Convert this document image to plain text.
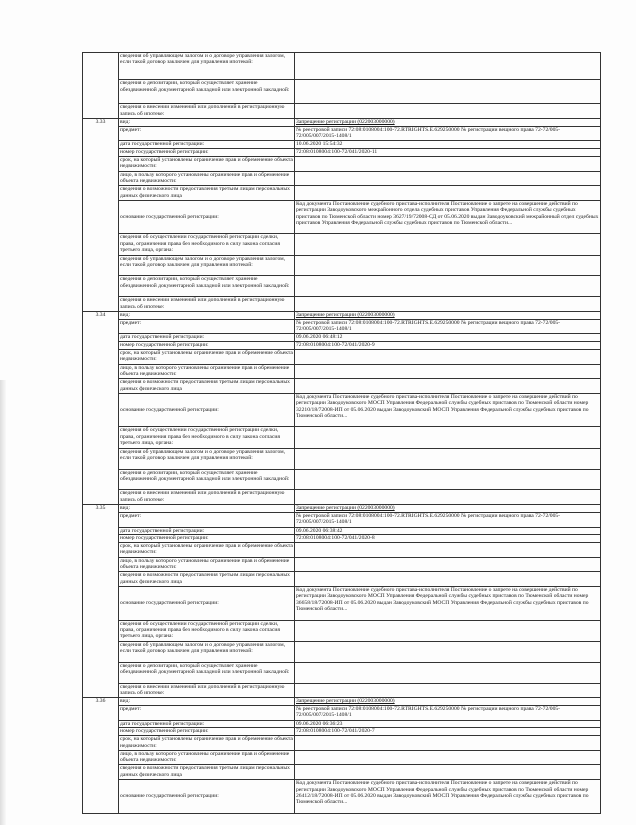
	сведения об управляющем залогом и о договоре управления залогом, если такой договор заключен для управления ипотекой:	
	сведения о депозитарии, который осуществляет хранение обездвиженной документарной закладной или электронной закладной:	
	сведения о внесении изменений или дополнений в регистрационную запись об ипотеке:	
3.33	вид:	Запрещение регистрации (022003000000)
	предмет:	№ реестровой записи 72:08:0108004:100-72.RTRIGHTS.E.629250000 № регистрации вещного права 72-72/005-72/005/007/2015-1408/1
	дата государственной регистрации:	10.06.2020 15:54:32
	номер государственной регистрации:	72:08:0108004:100-72/041/2020-11
	срок, на который установлены ограничение прав и обременение объекта недвижимости:	
	лицо, в пользу которого установлены ограничение прав и обременение объекта недвижимости:	
	сведения о возможности предоставления третьим лицам персональных данных физического лица	
	основание государственной регистрации:	Код документа Постановление судебного пристава-исполнителя Постановление о запрете на совершение действий по регистрации Заводоуковского межрайонного отдела судебных приставов Управления Федеральной службы судебных приставов по Тюменской области номер 3627/19/72008-СД от 05.06.2020 выдан Заводоуковский межрайонный отдел судебных приставов Управления Федеральной службы судебных приставов по Тюменской области...
	сведения об осуществлении государственной регистрации сделки, права, ограничения права без необходимого в силу закона согласия третьего лица, органа:	
	сведения об управляющем залогом и о договоре управления залогом, если такой договор заключен для управления ипотекой:	
	сведения о депозитарии, который осуществляет хранение обездвиженной документарной закладной или электронной закладной:	
	сведения о внесении изменений или дополнений в регистрационную запись об ипотеке:	
3.34	вид:	Запрещение регистрации (022003000000)
	предмет:	№ реестровой записи 72:08:0108004:100-72.RTRIGHTS.E.629250000 № регистрации вещного права 72-72/005-72/005/007/2015-1408/1
	дата государственной регистрации:	09.06.2020 06:48:12
	номер государственной регистрации:	72:08:0108004:100-72/041/2020-9
	срок, на который установлены ограничение прав и обременение объекта недвижимости:	
	лицо, в пользу которого установлены ограничение прав и обременение объекта недвижимости:	
	сведения о возможности предоставления третьим лицам персональных данных физического лица	
	основание государственной регистрации:	Код документа Постановление судебного пристава-исполнителя Постановление о запрете на совершение действий по регистрации Заводоуковского МОСП Управления Федеральной службы судебных приставов по Тюменской области номер 32210/18/72008-ИП от 05.06.2020 выдан Заводоуковский МОСП Управления Федеральной службы судебных приставов по Тюменской области...
	сведения об осуществлении государственной регистрации сделки, права, ограничения права без необходимого в силу закона согласия третьего лица, органа:	
	сведения об управляющем залогом и о договоре управления залогом, если такой договор заключен для управления ипотекой:	
	сведения о депозитарии, который осуществляет хранение обездвиженной документарной закладной или электронной закладной:	
	сведения о внесении изменений или дополнений в регистрационную запись об ипотеке:	
3.35	вид:	Запрещение регистрации (022003000000)
	предмет:	№ реестровой записи 72:08:0108004:100-72.RTRIGHTS.E.629250000 № регистрации вещного права 72-72/005-72/005/007/2015-1408/1
	дата государственной регистрации:	09.06.2020 06:38:42
	номер государственной регистрации:	72:08:0108004:100-72/041/2020-8
	срок, на который установлены ограничение прав и обременение объекта недвижимости:	
	лицо, в пользу которого установлены ограничение прав и обременение объекта недвижимости:	
	сведения о возможности предоставления третьим лицам персональных данных физического лица	
	основание государственной регистрации:	Код документа Постановление судебного пристава-исполнителя Постановление о запрете на совершение действий по регистрации Заводоуковского МОСП Управления Федеральной службы судебных приставов по Тюменской области номер 36658/18/72008-ИП от 05.06.2020 выдан Заводоуковский МОСП Управления Федеральной службы судебных приставов по Тюменской области...
	сведения об осуществлении государственной регистрации сделки, права, ограничения права без необходимого в силу закона согласия третьего лица, органа:	
	сведения об управляющем залогом и о договоре управления залогом, если такой договор заключен для управления ипотекой:	
	сведения о депозитарии, который осуществляет хранение обездвиженной документарной закладной или электронной закладной:	
	сведения о внесении изменений или дополнений в регистрационную запись об ипотеке:	
3.36	вид:	Запрещение регистрации (022003000000)
	предмет:	№ реестровой записи 72:08:0108004:100-72.RTRIGHTS.E.629250000 № регистрации вещного права 72-72/005-72/005/007/2015-1408/1
	дата государственной регистрации:	09.06.2020 06:36:23
	номер государственной регистрации:	72:08:0108004:100-72/041/2020-7
	срок, на который установлены ограничение прав и обременение объекта недвижимости:	
	лицо, в пользу которого установлены ограничение прав и обременение объекта недвижимости:	
	сведения о возможности предоставления третьим лицам персональных данных физического лица	
	основание государственной регистрации:	Код документа Постановление судебного пристава-исполнителя Постановление о запрете на совершение действий по регистрации Заводоуковского МОСП Управления Федеральной службы судебных приставов по Тюменской области номер 26412/18/72008-ИП от 05.06.2020 выдан Заводоуковский МОСП Управления Федеральной службы судебных приставов по Тюменской области...
